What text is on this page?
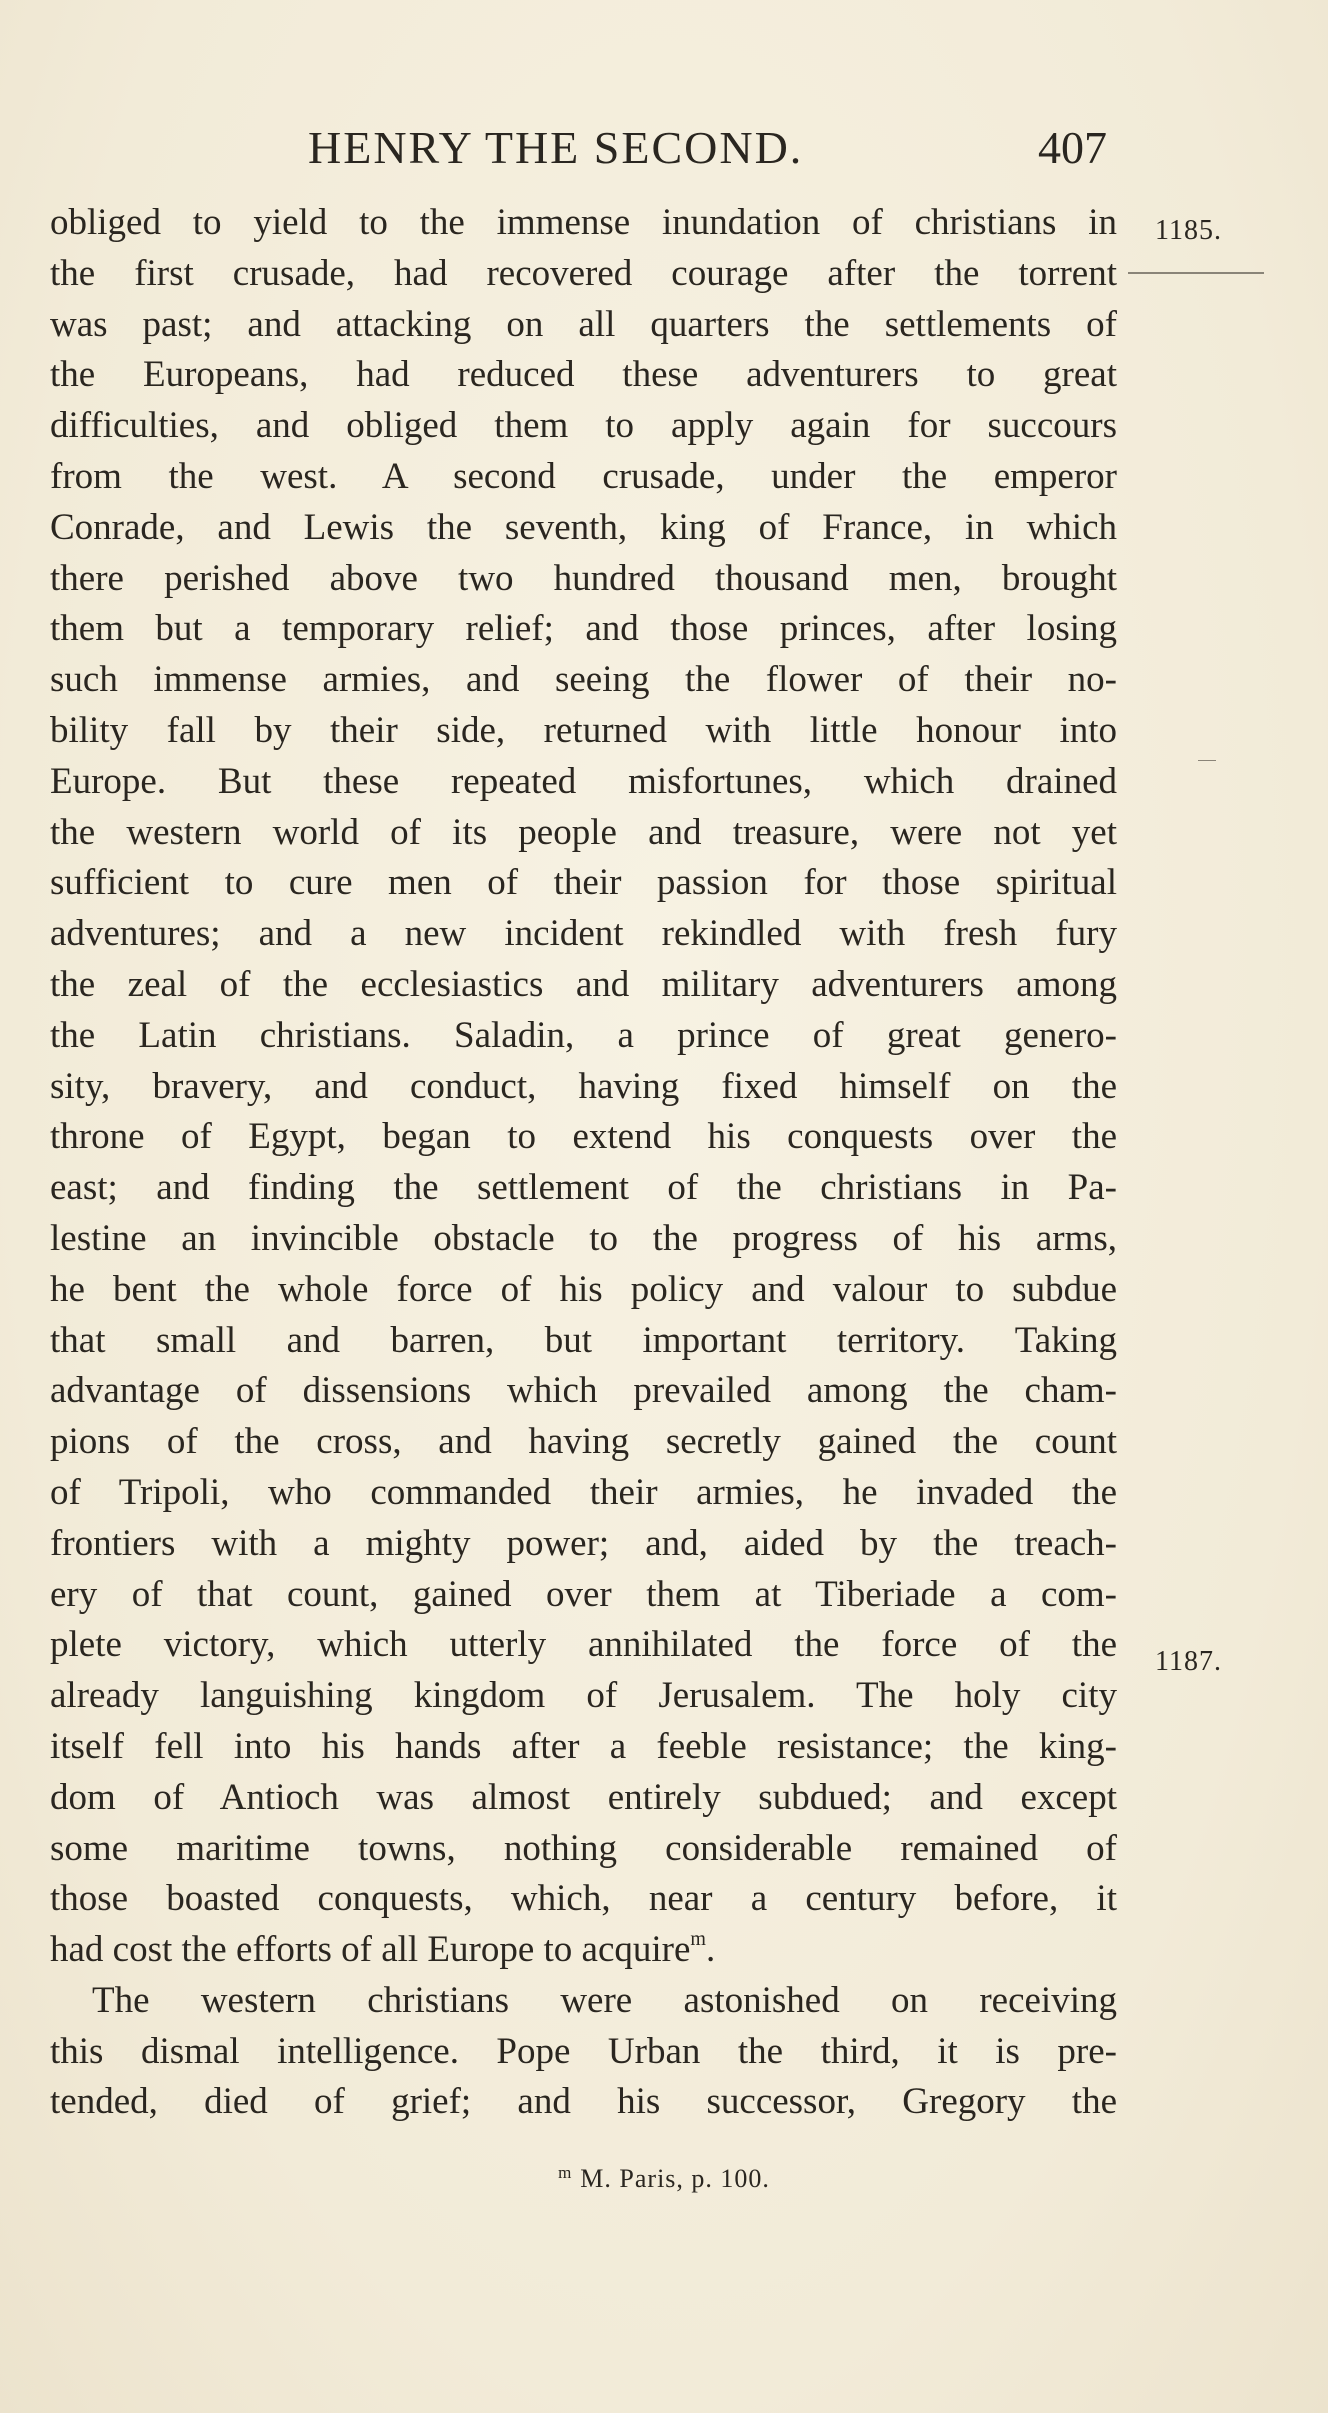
HENRY THE SECOND.	407
1185.
1187.
obliged to yield to the immense inundation of christians in
the first crusade, had recovered courage after the torrent
was past; and attacking on all quarters the settlements of
the Europeans, had reduced these adventurers to great
difficulties, and obliged them to apply again for succours
from the west. A second crusade, under the emperor
Conrade, and Lewis the seventh, king of France, in which
there perished above two hundred thousand men, brought
them but a temporary relief; and those princes, after losing
such immense armies, and seeing the flower of their no-
bility fall by their side, returned with little honour into
Europe. But these repeated misfortunes, which drained
the western world of its people and treasure, were not yet
sufficient to cure men of their passion for those spiritual
adventures; and a new incident rekindled with fresh fury
the zeal of the ecclesiastics and military adventurers among
the Latin christians. Saladin, a prince of great genero-
sity, bravery, and conduct, having fixed himself on the
throne of Egypt, began to extend his conquests over the
east; and finding the settlement of the christians in Pa-
lestine an invincible obstacle to the progress of his arms,
he bent the whole force of his policy and valour to subdue
that small and barren, but important territory. Taking
advantage of dissensions which prevailed among the cham-
pions of the cross, and having secretly gained the count
of Tripoli, who commanded their armies, he invaded the
frontiers with a mighty power; and, aided by the treach-
ery of that count, gained over them at Tiberiade a com-
plete victory, which utterly annihilated the force of the
already languishing kingdom of Jerusalem. The holy city
itself fell into his hands after a feeble resistance; the king-
dom of Antioch was almost entirely subdued; and except
some maritime towns, nothing considerable remained of
those boasted conquests, which, near a century before, it
had cost the efforts of all Europe to acquire$^m$.
The western christians were astonished on receiving
this dismal intelligence. Pope Urban the third, it is pre-
tended, died of grief; and his successor, Gregory the
$^m$ M. Paris, p. 100.
